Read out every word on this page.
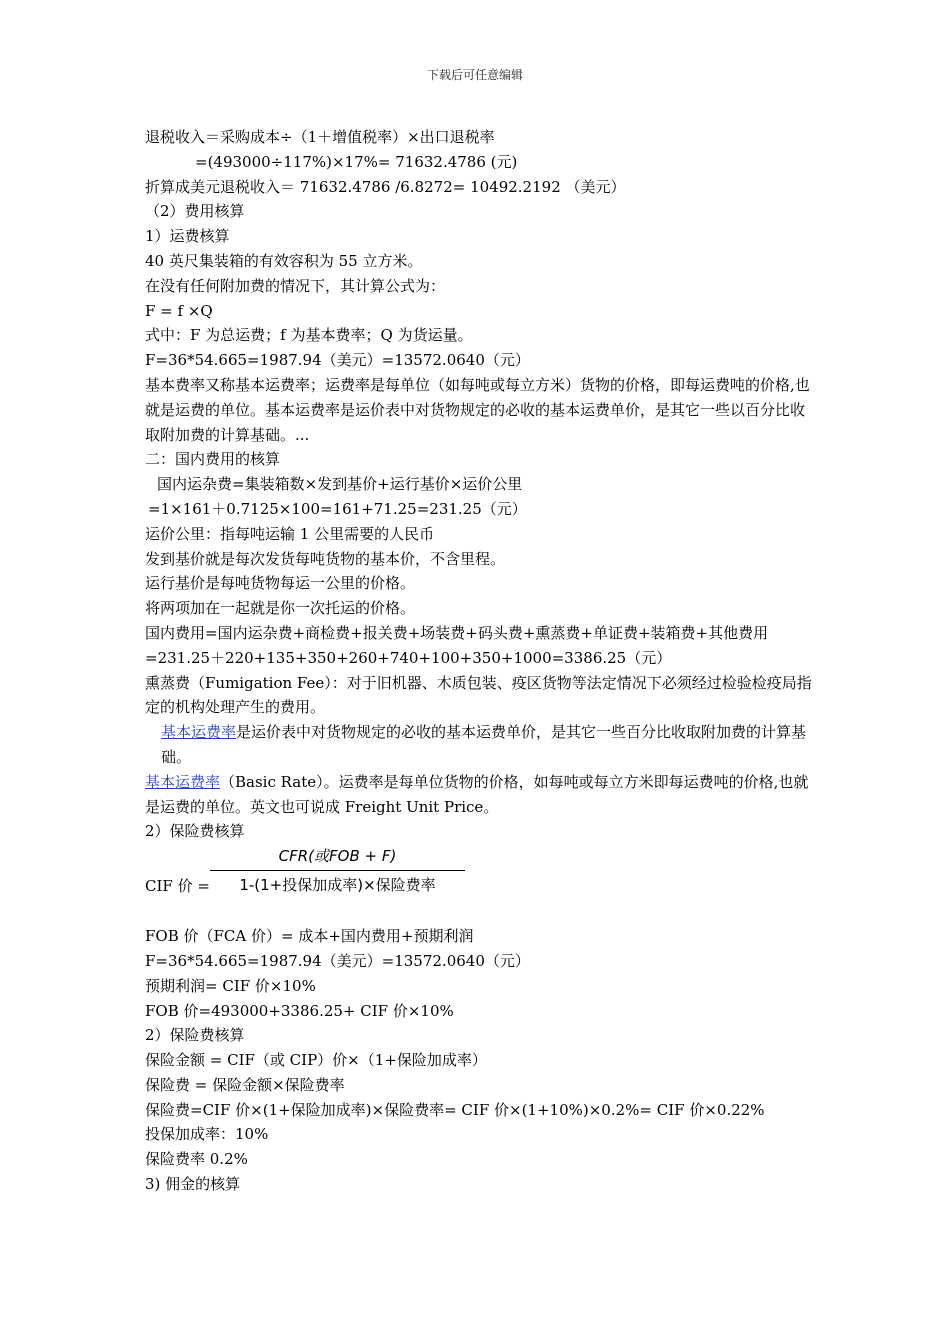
下载后可任意编辑
退税收入＝采购成本÷（1＋增值税率）×出口退税率
=(493000÷117%)×17%= 71632.4786 (元)
折算成美元退税收入＝ 71632.4786 /6.8272= 10492.2192 （美元）
（2）费用核算
1）运费核算
40 英尺集装箱的有效容积为 55 立方米。
在没有任何附加费的情况下，其计算公式为：
F = f ×Q
式中：F 为总运费；f 为基本费率；Q 为货运量。
F=36*54.665=1987.94（美元）=13572.0640（元）
基本费率又称基本运费率；运费率是每单位（如每吨或每立方米）货物的价格，即每运费吨的价格,也就是运费的单位。基本运费率是运价表中对货物规定的必收的基本运费单价，是其它一些以百分比收取附加费的计算基础。...
二：国内费用的核算
国内运杂费=集装箱数×发到基价+运行基价×运价公里
=1×161＋0.7125×100=161+71.25=231.25（元）
运价公里：指每吨运输 1 公里需要的人民币
发到基价就是每次发货每吨货物的基本价，不含里程。
运行基价是每吨货物每运一公里的价格。
将两项加在一起就是你一次托运的价格。
国内费用=国内运杂费+商检费+报关费+场装费+码头费+熏蒸费+单证费+装箱费+其他费用
=231.25＋220+135+350+260+740+100+350+1000=3386.25（元）
熏蒸费（Fumigation Fee）：对于旧机器、木质包装、疫区货物等法定情况下必须经过检验检疫局指定的机构处理产生的费用。
基本运费率是运价表中对货物规定的必收的基本运费单价，是其它一些百分比收取附加费的计算基础。
基本运费率（Basic Rate）。运费率是每单位货物的价格，如每吨或每立方米即每运费吨的价格,也就是运费的单位。英文也可说成 Freight Unit Price。
2）保险费核算
CIF 价 =
CFR(或FOB + F)
1-(1+投保加成率)×保险费率
FOB 价（FCA 价）= 成本+国内费用+预期利润
F=36*54.665=1987.94（美元）=13572.0640（元）
预期利润= CIF 价×10%
FOB 价=493000+3386.25+ CIF 价×10%
2）保险费核算
保险金额 = CIF（或 CIP）价×（1+保险加成率）
保险费 = 保险金额×保险费率
保险费=CIF 价×(1+保险加成率)×保险费率= CIF 价×(1+10%)×0.2%= CIF 价×0.22%
投保加成率：10%
保险费率 0.2%
3) 佣金的核算
